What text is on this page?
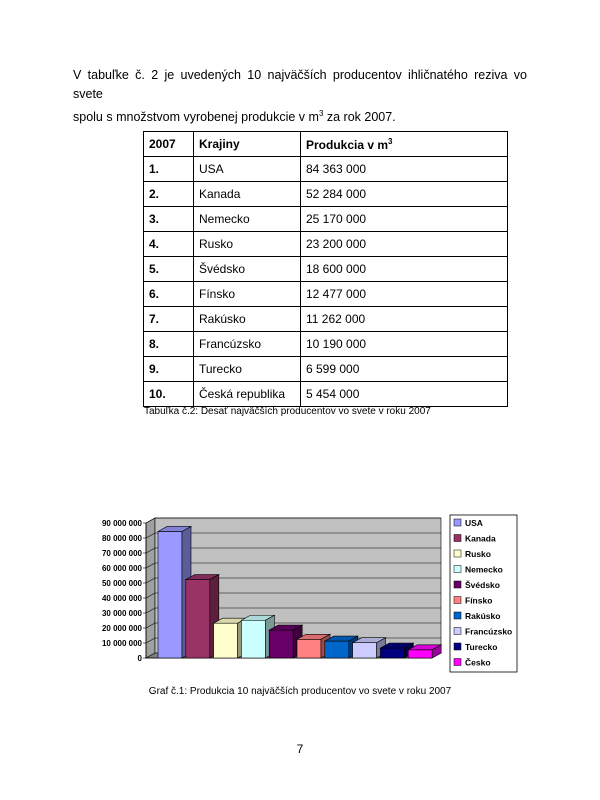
V tabuľke č. 2 je uvedených 10 najväčších producentov ihličnatého reziva vo svete
spolu s množstvom vyrobenej produkcie v $m^3$ za rok 2007.
2007	Krajiny	Produkcia v $m^3$
1.	USA	84 363 000
2.	Kanada	52 284 000
3.	Nemecko	25 170 000
4.	Rusko	23 200 000
5.	Švédsko	18 600 000
6.	Fínsko	12 477 000
7.	Rakúsko	11 262 000
8.	Francúzsko	10 190 000
9.	Turecko	6 599 000
10.	Česká republika	5 454 000
Tabuľka č.2: Desať najväčších producentov vo svete v roku 2007
90 000 000
80 000 000
70 000 000
60 000 000
50 000 000
40 000 000
30 000 000
20 000 000
10 000 000
0
USA
Kanada
Rusko
Nemecko
Švédsko
Fínsko
Rakúsko
Francúzsko
Turecko
Česko
Graf č.1: Produkcia 10 najväčších producentov vo svete v roku 2007
7
